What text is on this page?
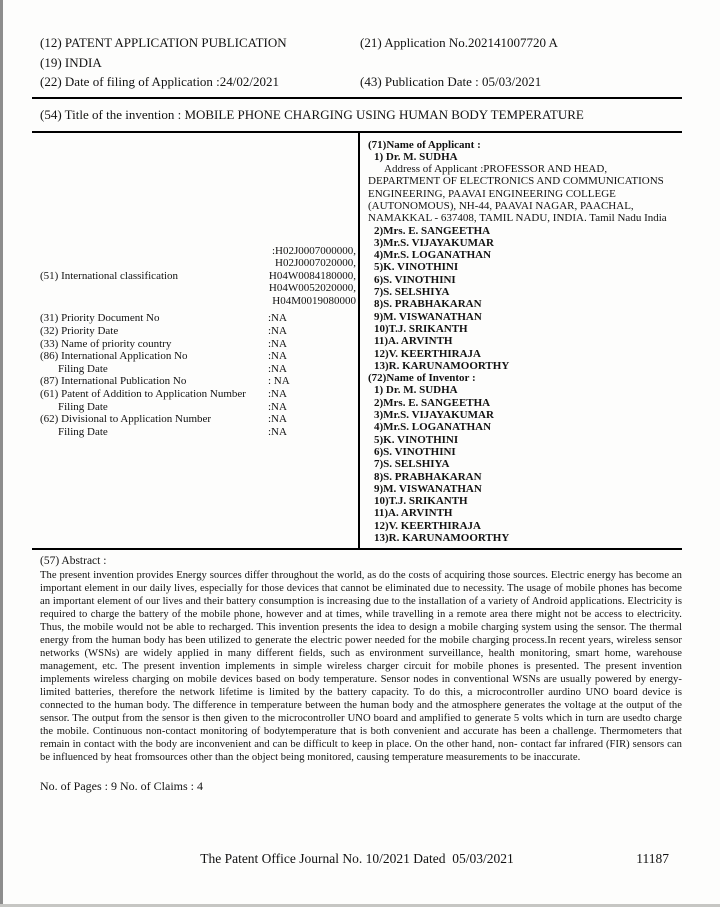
(12) PATENT APPLICATION PUBLICATION	(21) Application No.202141007720 A
(19) INDIA
(22) Date of filing of Application :24/02/2021	(43) Publication Date : 05/03/2021
(54) Title of the invention : MOBILE PHONE CHARGING USING HUMAN BODY TEMPERATURE
(51) International classification
:H02J0007000000,
H02J0007020000,
H04W0084180000,
H04W0052020000,
H04M0019080000
(31) Priority Document No	:NA
(32) Priority Date	:NA
(33) Name of priority country	:NA
(86) International Application No	:NA
Filing Date	:NA
(87) International Publication No	: NA
(61) Patent of Addition to Application Number	:NA
Filing Date	:NA
(62) Divisional to Application Number	:NA
Filing Date	:NA
(71)Name of Applicant :
1) Dr. M. SUDHA
Address of Applicant :PROFESSOR AND HEAD, DEPARTMENT OF ELECTRONICS AND COMMUNICATIONS ENGINEERING, PAAVAI ENGINEERING COLLEGE (AUTONOMOUS), NH-44, PAAVAI NAGAR, PAACHAL, NAMAKKAL - 637408, TAMIL NADU, INDIA. Tamil Nadu India
2)Mrs. E. SANGEETHA
3)Mr.S. VIJAYAKUMAR
4)Mr.S. LOGANATHAN
5)K. VINOTHINI
6)S. VINOTHINI
7)S. SELSHIYA
8)S. PRABHAKARAN
9)M. VISWANATHAN
10)T.J. SRIKANTH
11)A. ARVINTH
12)V. KEERTHIRAJA
13)R. KARUNAMOORTHY
(72)Name of Inventor :
1) Dr. M. SUDHA
2)Mrs. E. SANGEETHA
3)Mr.S. VIJAYAKUMAR
4)Mr.S. LOGANATHAN
5)K. VINOTHINI
6)S. VINOTHINI
7)S. SELSHIYA
8)S. PRABHAKARAN
9)M. VISWANATHAN
10)T.J. SRIKANTH
11)A. ARVINTH
12)V. KEERTHIRAJA
13)R. KARUNAMOORTHY
(57) Abstract :
The present invention provides Energy sources differ throughout the world, as do the costs of acquiring those sources. Electric energy has become an important element in our daily lives, especially for those devices that cannot be eliminated due to necessity. The usage of mobile phones has become an important element of our lives and their battery consumption is increasing due to the installation of a variety of Android applications. Electricity is required to charge the battery of the mobile phone, however and at times, while travelling in a remote area there might not be access to electricity. Thus, the mobile would not be able to recharged. This invention presents the idea to design a mobile charging system using the sensor. The thermal energy from the human body has been utilized to generate the electric power needed for the mobile charging process.In recent years, wireless sensor networks (WSNs) are widely applied in many different fields, such as environment surveillance, health monitoring, smart home, warehouse management, etc. The present invention implements in simple wireless charger circuit for mobile phones is presented. The present invention implements wireless charging on mobile devices based on body temperature. Sensor nodes in conventional WSNs are usually powered by energy-limited batteries, therefore the network lifetime is limited by the battery capacity. To do this, a microcontroller aurdino UNO board device is connected to the human body. The difference in temperature between the human body and the atmosphere generates the voltage at the output of the sensor. The output from the sensor is then given to the microcontroller UNO board and amplified to generate 5 volts which in turn are usedto charge the mobile. Continuous non-contact monitoring of bodytemperature that is both convenient and accurate has been a challenge. Thermometers that remain in contact with the body are inconvenient and can be difficult to keep in place. On the other hand, non- contact far infrared (FIR) sensors can be influenced by heat fromsources other than the object being monitored, causing temperature measurements to be inaccurate.
No. of Pages : 9 No. of Claims : 4
The Patent Office Journal No. 10/2021 Dated  05/03/2021	11187
